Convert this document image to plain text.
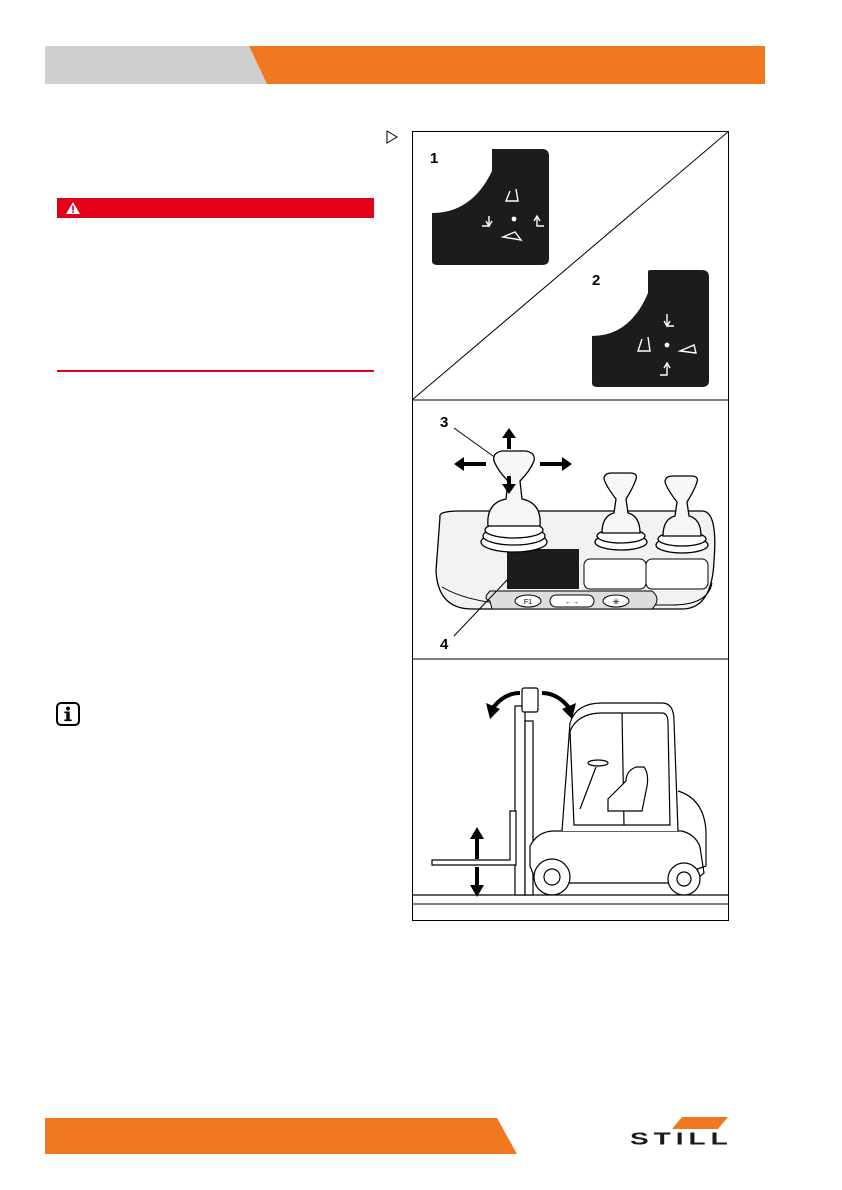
1
2
3
F1	←→	✳
4
STILL
